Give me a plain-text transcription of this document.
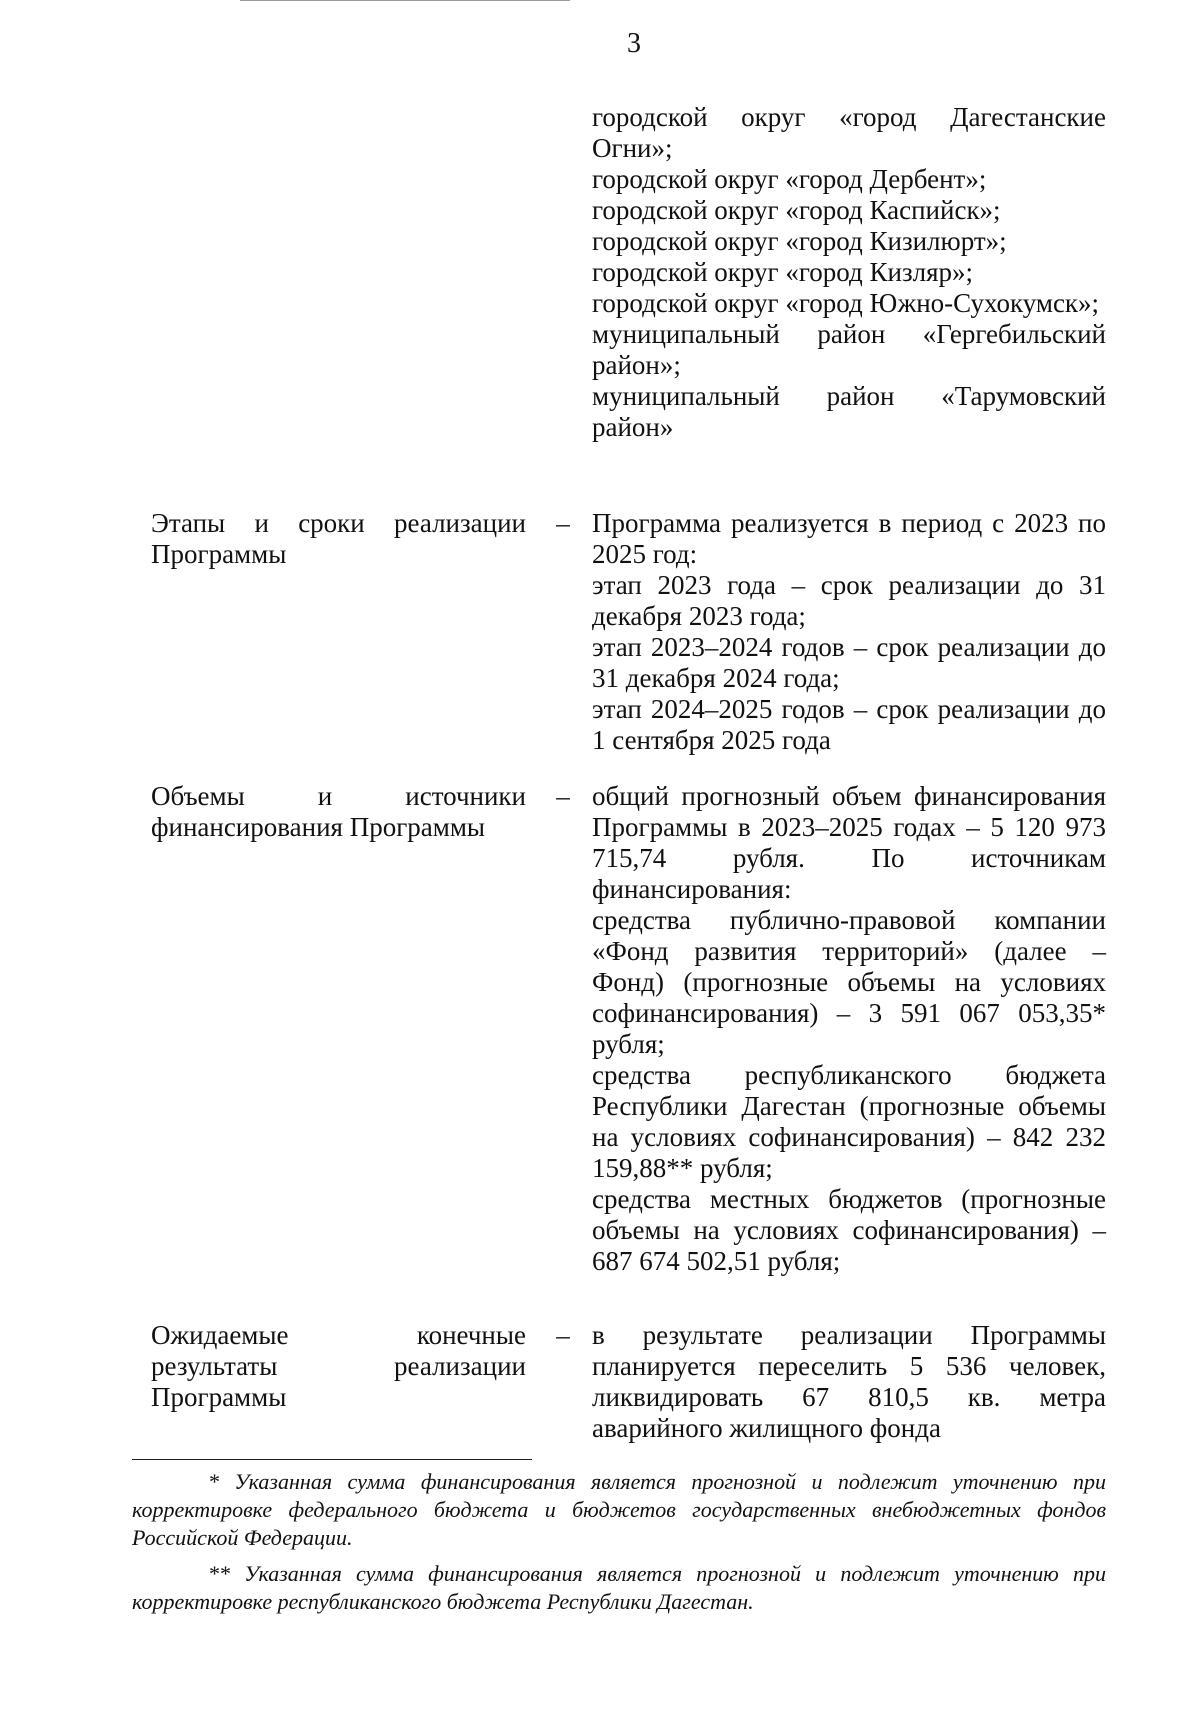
3
городской округ «город Дагестанские Огни»;
городской округ «город Дербент»;
городской округ «город Каспийск»;
городской округ «город Кизилюрт»;
городской округ «город Кизляр»;
городской округ «город Южно-Сухокумск»;
муниципальный район «Гергебильский район»;
муниципальный район «Тарумовский район»
Этапы и сроки реализации Программы
– Программа реализуется в период с 2023 по 2025 год:
этап 2023 года – срок реализации до 31 декабря 2023 года;
этап 2023–2024 годов – срок реализации до 31 декабря 2024 года;
этап 2024–2025 годов – срок реализации до 1 сентября 2025 года
Объемы и источники финансирования Программы
– общий прогнозный объем финансирования Программы в 2023–2025 годах – 5 120 973 715,74 рубля. По источникам финансирования:
средства публично-правовой компании «Фонд развития территорий» (далее – Фонд) (прогнозные объемы на условиях софинансирования) – 3 591 067 053,35* рубля;
средства республиканского бюджета Республики Дагестан (прогнозные объемы на условиях софинансирования) – 842 232 159,88** рубля;
средства местных бюджетов (прогнозные объемы на условиях софинансирования) – 687 674 502,51 рубля;
Ожидаемые конечные результаты реализации Программы
– в результате реализации Программы планируется переселить 5 536 человек, ликвидировать 67 810,5 кв. метра аварийного жилищного фонда

* Указанная сумма финансирования является прогнозной и подлежит уточнению при корректировке федерального бюджета и бюджетов государственных внебюджетных фондов Российской Федерации.

** Указанная сумма финансирования является прогнозной и подлежит уточнению при корректировке республиканского бюджета Республики Дагестан.
